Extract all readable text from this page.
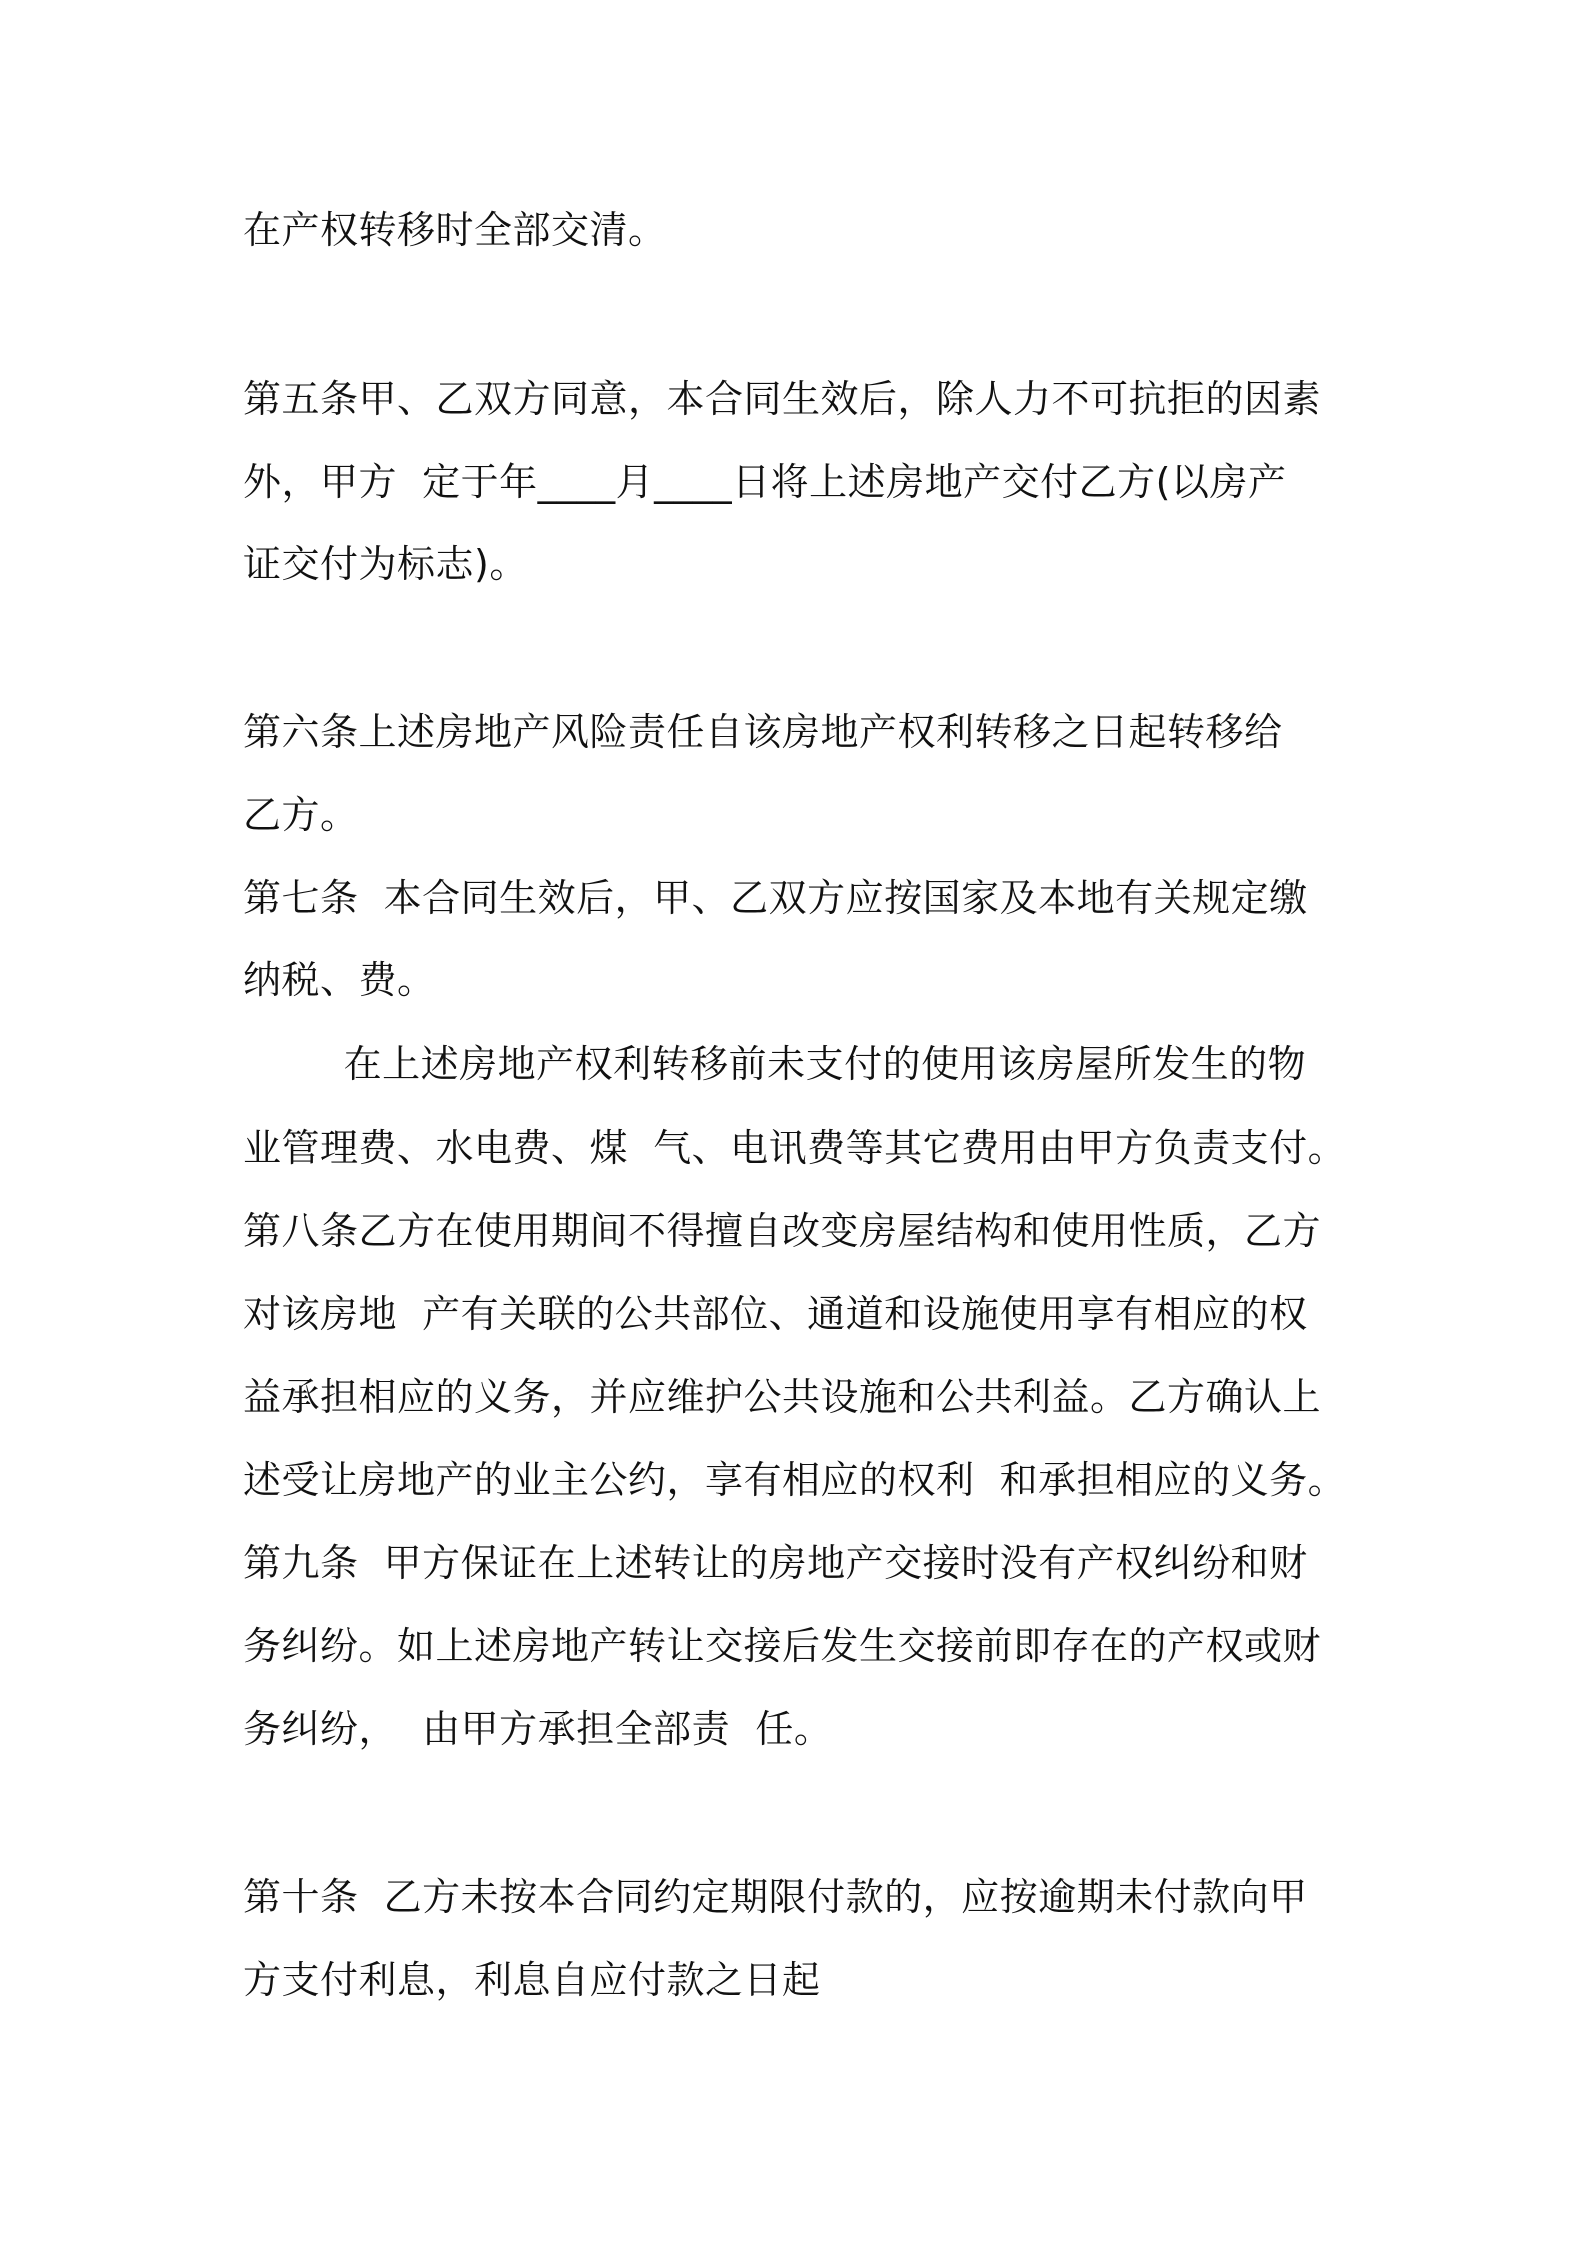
在产权转移时全部交清。
第五条甲、乙双方同意，本合同生效后，除人力不可抗拒的因素
外，甲方  定于年____月____日将上述房地产交付乙方(以房产
证交付为标志)。
第六条上述房地产风险责任自该房地产权利转移之日起转移给
乙方。
第七条  本合同生效后，甲、乙双方应按国家及本地有关规定缴
纳税、费。
在上述房地产权利转移前未支付的使用该房屋所发生的物
业管理费、水电费、煤  气、电讯费等其它费用由甲方负责支付。
第八条乙方在使用期间不得擅自改变房屋结构和使用性质，乙方
对该房地  产有关联的公共部位、通道和设施使用享有相应的权
益承担相应的义务，并应维护公共设施和公共利益。乙方确认上
述受让房地产的业主公约，享有相应的权利  和承担相应的义务。
第九条  甲方保证在上述转让的房地产交接时没有产权纠纷和财
务纠纷。如上述房地产转让交接后发生交接前即存在的产权或财
务纠纷，  由甲方承担全部责  任。
第十条  乙方未按本合同约定期限付款的，应按逾期未付款向甲
方支付利息，利息自应付款之日起
